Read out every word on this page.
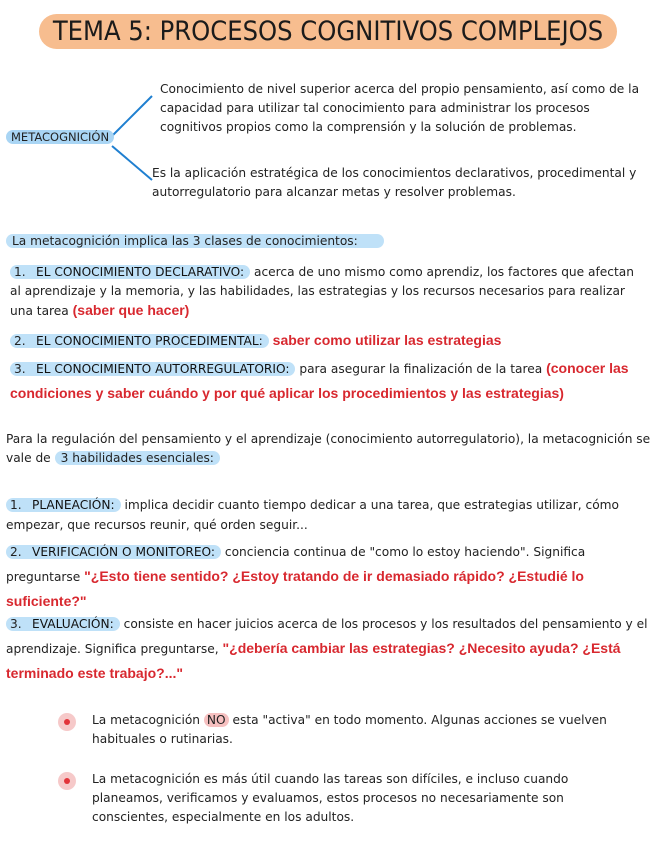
TEMA 5: PROCESOS COGNITIVOS COMPLEJOS
METACOGNICIÓN
Conocimiento de nivel superior acerca del propio pensamiento, así como de la capacidad para utilizar tal conocimiento para administrar los procesos cognitivos propios como la comprensión y la solución de problemas.
Es la aplicación estratégica de los conocimientos declarativos, procedimental y autorregulatorio para alcanzar metas y resolver problemas.
La metacognición implica las 3 clases de conocimientos:
1. EL CONOCIMIENTO DECLARATIVO: acerca de uno mismo como aprendiz, los factores que afectan al aprendizaje y la memoria, y las habilidades, las estrategias y los recursos necesarios para realizar una tarea (saber que hacer)
2. EL CONOCIMIENTO PROCEDIMENTAL: saber como utilizar las estrategias
3. EL CONOCIMIENTO AUTORREGULATORIO: para asegurar la finalización de la tarea (conocer las condiciones y saber cuándo y por qué aplicar los procedimientos y las estrategias)
Para la regulación del pensamiento y el aprendizaje (conocimiento autorregulatorio), la metacognición se vale de 3 habilidades esenciales:
1. PLANEACIÓN: implica decidir cuanto tiempo dedicar a una tarea, que estrategias utilizar, cómo empezar, que recursos reunir, qué orden seguir...
2. VERIFICACIÓN O MONITOREO: conciencia continua de "como lo estoy haciendo". Significa preguntarse "¿Esto tiene sentido? ¿Estoy tratando de ir demasiado rápido? ¿Estudié lo suficiente?"
3. EVALUACIÓN: consiste en hacer juicios acerca de los procesos y los resultados del pensamiento y el aprendizaje. Significa preguntarse, "¿debería cambiar las estrategias? ¿Necesito ayuda? ¿Está terminado este trabajo?..."
La metacognición NO esta "activa" en todo momento. Algunas acciones se vuelven habituales o rutinarias.
La metacognición es más útil cuando las tareas son difíciles, e incluso cuando planeamos, verificamos y evaluamos, estos procesos no necesariamente son conscientes, especialmente en los adultos.
